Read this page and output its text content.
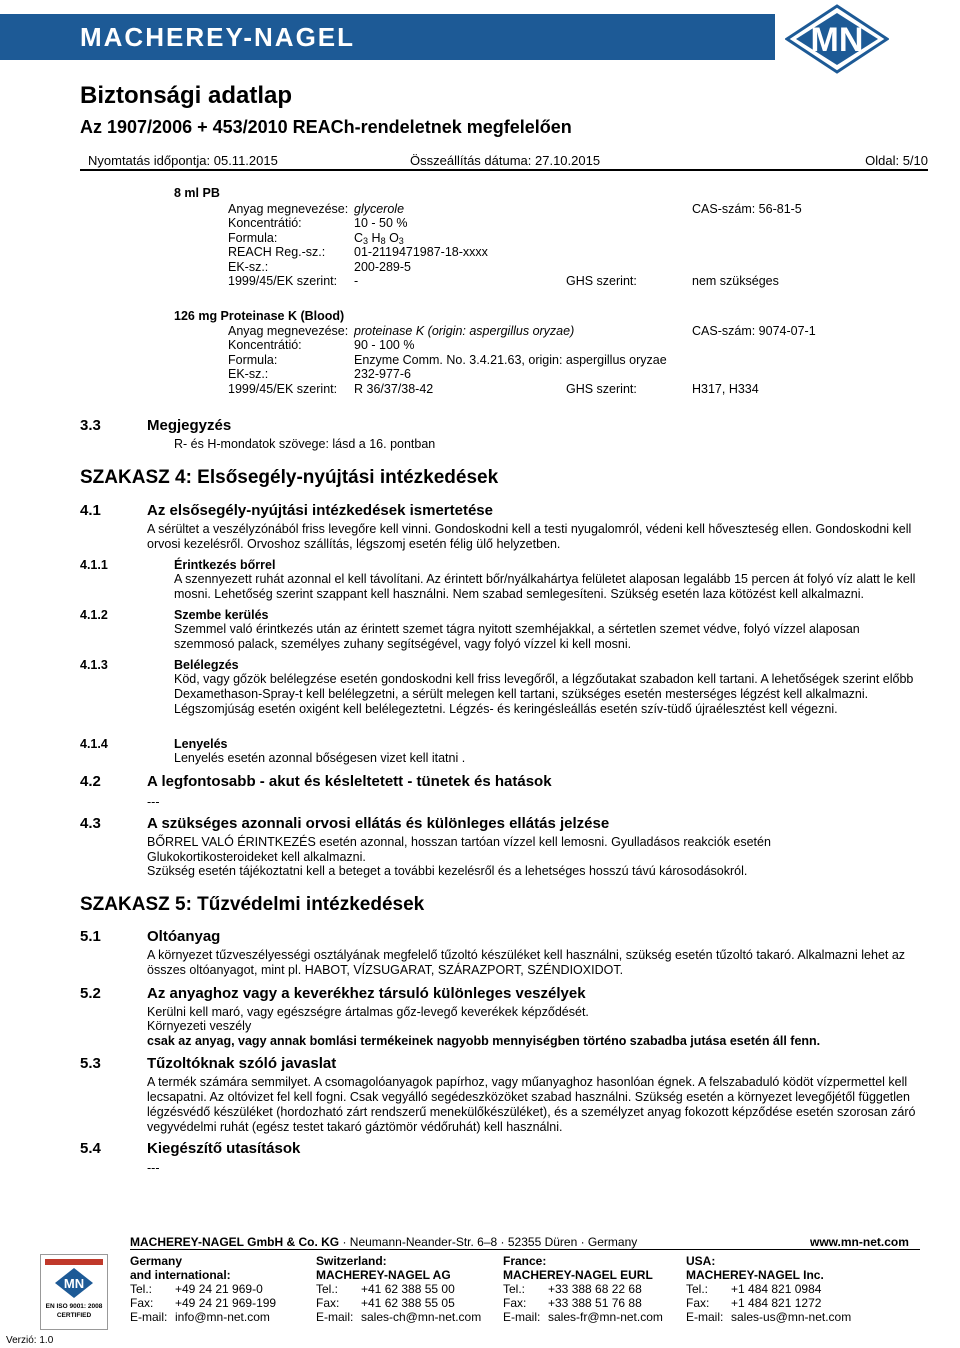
MACHEREY-NAGEL	MN
Biztonsági adatlap
Az 1907/2006 + 453/2010 REACh-rendeletnek megfelelően
Nyomtatás időpontja: 05.11.2015	Összeállítás dátuma: 27.10.2015	Oldal: 5/10
8 ml PB
Anyag megnevezése: glycerole	CAS-szám: 56-81-5
Koncentrátió:	10 - 50 %
Formula:	$C_3$ $H_8$ $O_3$
REACH Reg.-sz.: 01-2119471987-18-xxxx
EK-sz.:	200-289-5
1999/45/EK szerint: -	GHS szerint:	nem szükséges
126 mg Proteinase K (Blood)
Anyag megnevezése: proteinase K (origin: aspergillus oryzae)	CAS-szám: 9074-07-1
Koncentrátió:	90 - 100 %
Formula:	Enzyme Comm. No. 3.4.21.63, origin: aspergillus oryzae
EK-sz.:	232-977-6
1999/45/EK szerint: R 36/37/38-42	GHS szerint:	H317, H334
3.3	Megjegyzés
R- és H-mondatok szövege: lásd a 16. pontban
SZAKASZ 4: Elsősegély-nyújtási intézkedések
4.1	Az elsősegély-nyújtási intézkedések ismertetése
A sérültet a veszélyzónából friss levegőre kell vinni. Gondoskodni kell a testi nyugalomról, védeni kell hőveszteség ellen. Gondoskodni kell orvosi kezelésről. Orvoshoz szállítás, légszomj esetén félig ülő helyzetben.
4.1.1	Érintkezés bőrrel
A szennyezett ruhát azonnal el kell távolítani. Az érintett bőr/nyálkahártya felületet alaposan legalább 15 percen át folyó víz alatt le kell mosni. Lehetőség szerint szappant kell használni. Nem szabad semlegesíteni. Szükség esetén laza kötözést kell alkalmazni.
4.1.2	Szembe kerülés
Szemmel való érintkezés után az érintett szemet tágra nyitott szemhéjakkal, a sértetlen szemet védve, folyó vízzel alaposan szemmosó palack, személyes zuhany segítségével, vagy folyó vízzel ki kell mosni.
4.1.3	Belélegzés
Köd, vagy gőzök belélegzése esetén gondoskodni kell friss levegőről, a légzőutakat szabadon kell tartani. A lehetőségek szerint előbb Dexamethason-Spray-t kell belélegzetni, a sérült melegen kell tartani, szükséges esetén mesterséges légzést kell alkalmazni. Légszomjúság esetén oxigént kell belélegeztetni. Légzés- és keringésleállás esetén szív-tüdő újraélesztést kell végezni.
4.1.4	Lenyelés
Lenyelés esetén azonnal bőségesen vizet kell itatni .
4.2	A legfontosabb - akut és késleltetett - tünetek és hatások
---
4.3	A szükséges azonnali orvosi ellátás és különleges ellátás jelzése
BŐRREL VALÓ ÉRINTKEZÉS esetén azonnal, hosszan tartóan vízzel kell lemosni. Gyulladásos reakciók esetén Glukokortikosteroideket kell alkalmazni.
Szükség esetén tájékoztatni kell a beteget a további kezelésről és a lehetséges hosszú távú károsodásokról.
SZAKASZ 5: Tűzvédelmi intézkedések
5.1	Oltóanyag
A környezet tűzveszélyességi osztályának megfelelő tűzoltó készüléket kell használni, szükség esetén tűzoltó takaró. Alkalmazni lehet az összes oltóanyagot, mint pl. HABOT, VÍZSUGARAT, SZÁRAZPORT, SZÉNDIOXIDOT.
5.2	Az anyaghoz vagy a keverékhez társuló különleges veszélyek
Kerülni kell maró, vagy egészségre ártalmas gőz-levegő keverékek képződését.
Környezeti veszély
csak az anyag, vagy annak bomlási termékeinek nagyobb mennyiségben történo szabadba jutása esetén áll fenn.
5.3	Tűzoltóknak szóló javaslat
A termék számára semmilyet. A csomagolóanyagok papírhoz, vagy műanyaghoz hasonlóan égnek. A felszabaduló ködöt vízpermettel kell lecsapatni. Az oltóvizet fel kell fogni. Csak vegyálló segédeszközöket szabad használni. Szükség esetén a környezet levegőjétől független légzésvédő készüléket (hordozható zárt rendszerű menekülőkészüléket), és a személyzet anyag fokozott képződése esetén szorosan záró vegyvédelmi ruhát (egész testet takaró gáztömör védőruhát) kell használni.
5.4	Kiegészítő utasítások
---
MN
EN ISO 9001: 2008
CERTIFIED
Verzió: 1.0
MACHEREY-NAGEL GmbH & Co. KG · Neumann-Neander-Str. 6–8 · 52355 Düren · Germany	www.mn-net.com
Germany
and international:
Tel.: +49 24 21 969-0
Fax: +49 24 21 969-199
E-mail: info@mn-net.com
Switzerland:
MACHEREY-NAGEL AG
Tel.: +41 62 388 55 00
Fax: +41 62 388 55 05
E-mail: sales-ch@mn-net.com
France:
MACHEREY-NAGEL EURL
Tel.: +33 388 68 22 68
Fax: +33 388 51 76 88
E-mail: sales-fr@mn-net.com
USA:
MACHEREY-NAGEL Inc.
Tel.: +1 484 821 0984
Fax: +1 484 821 1272
E-mail: sales-us@mn-net.com
